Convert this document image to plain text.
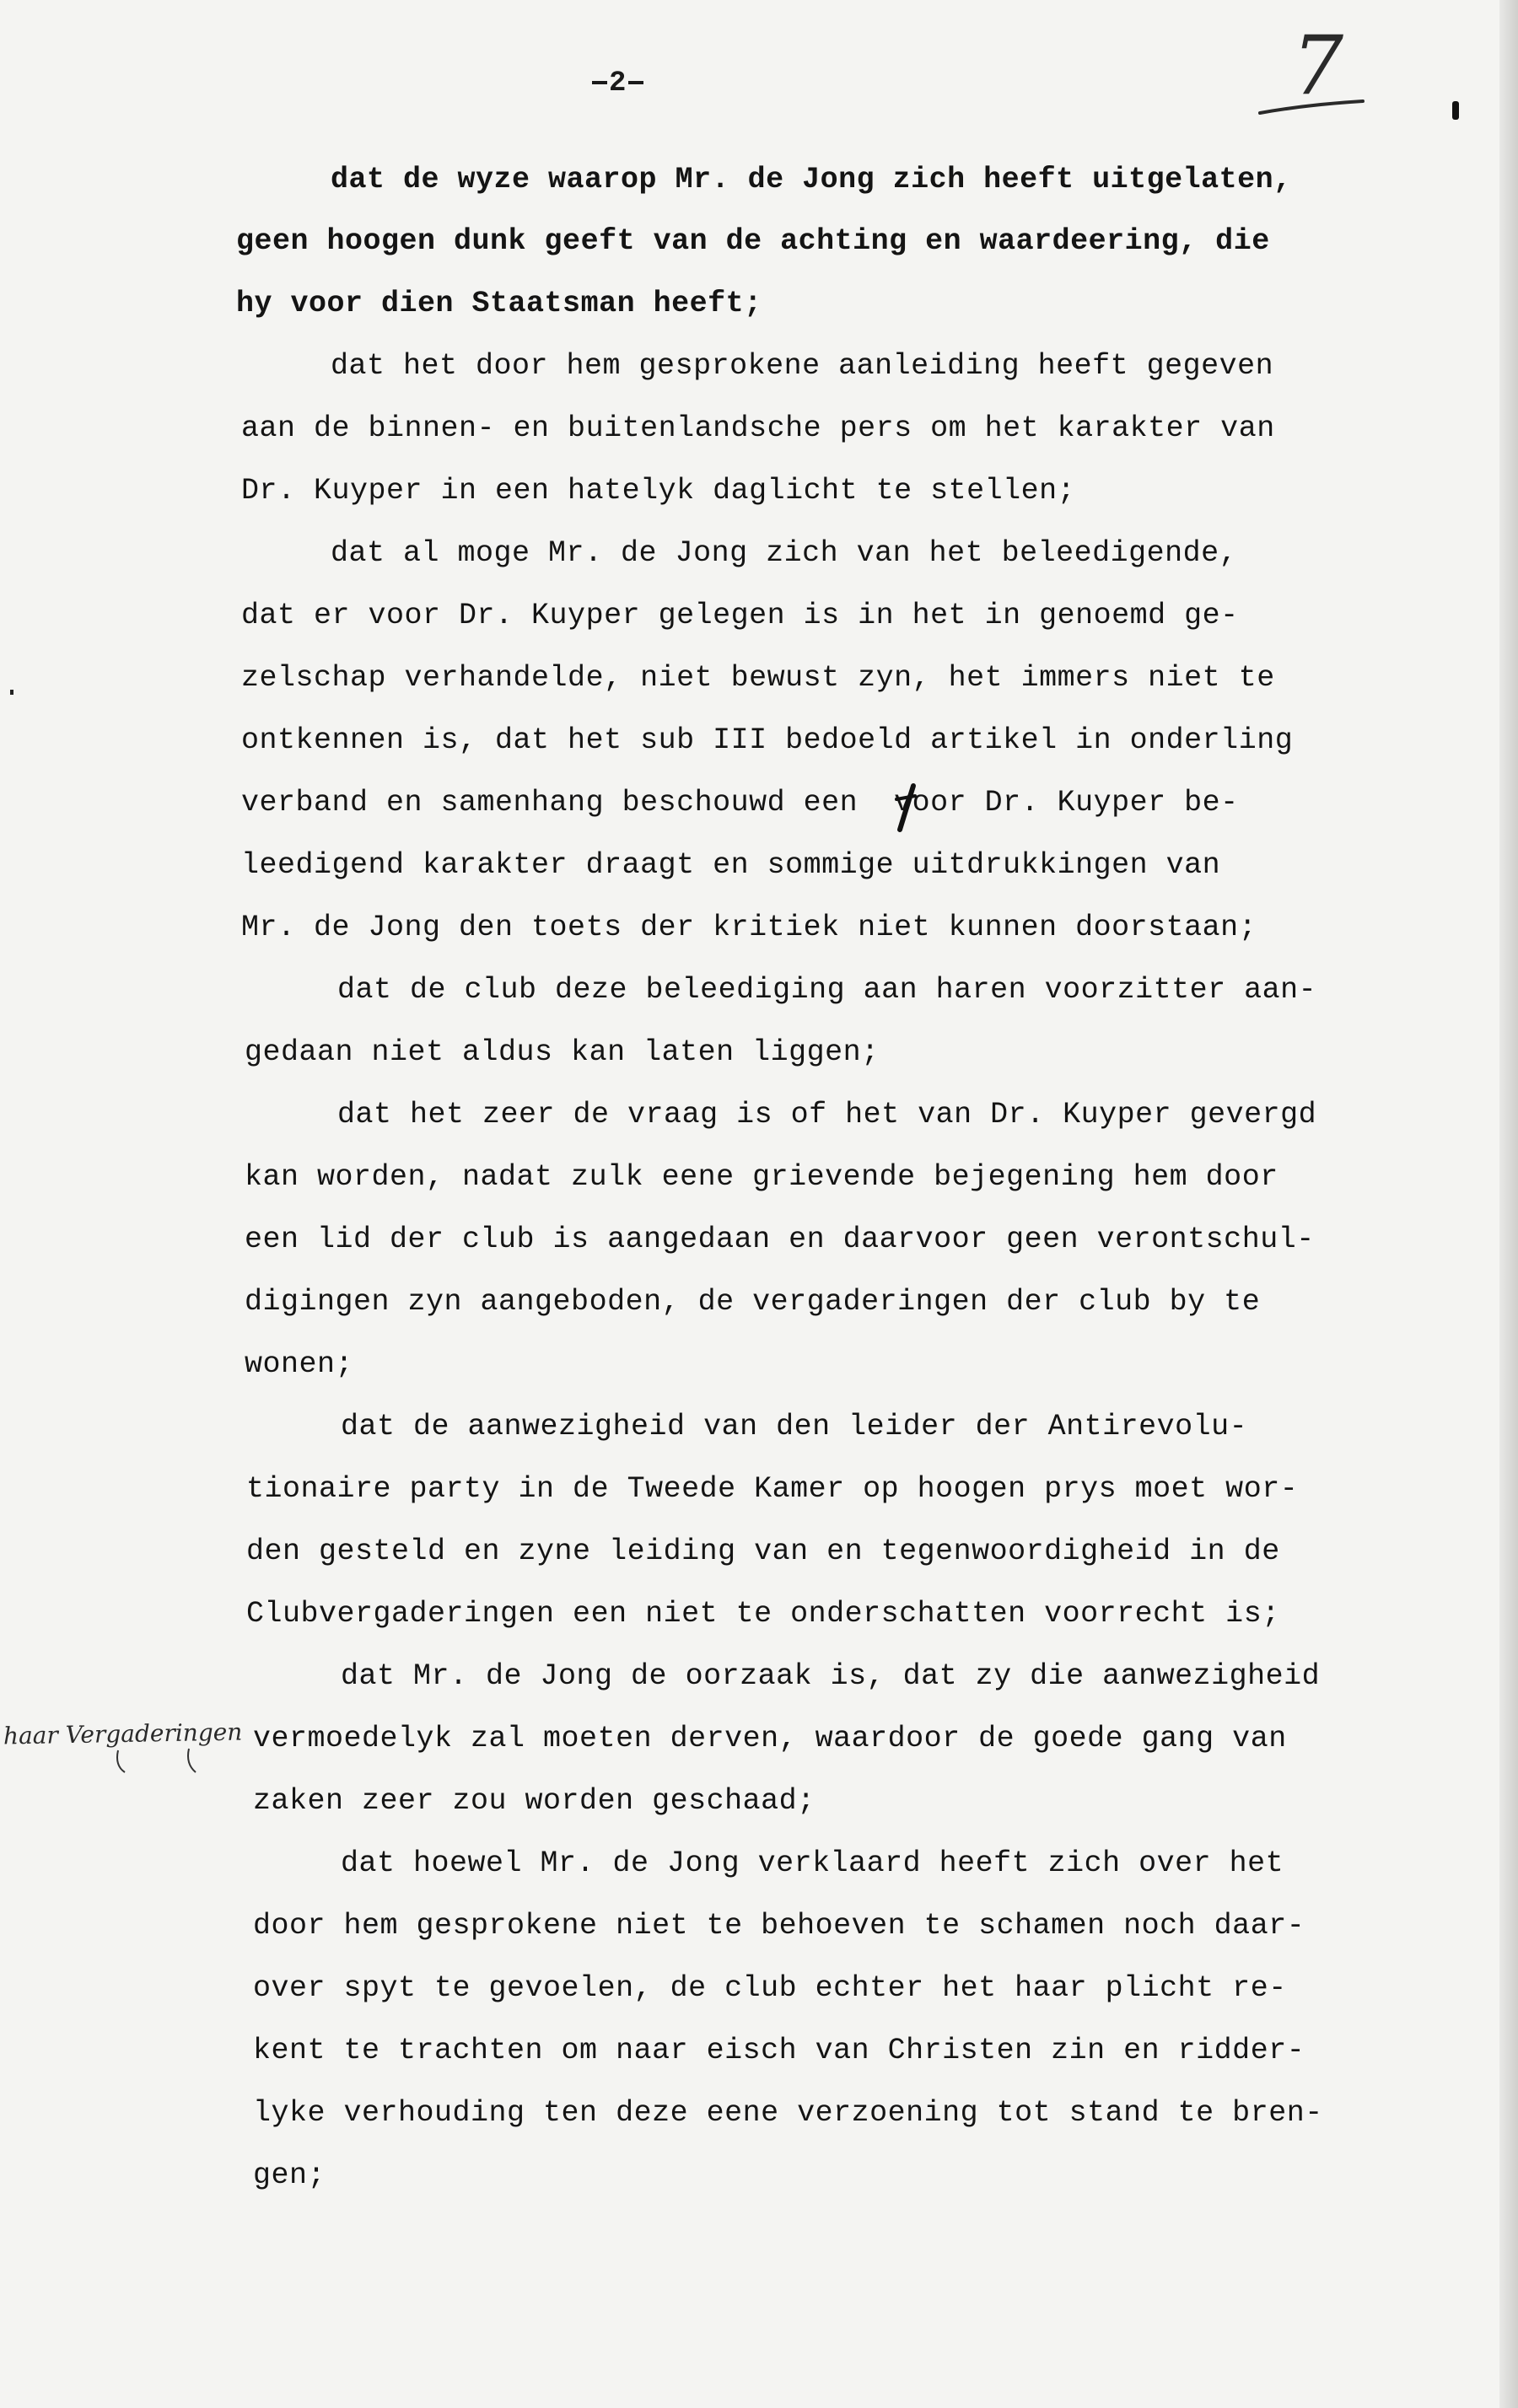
2	7
dat de wyze waarop Mr. de Jong zich heeft uitgelaten,
geen hoogen dunk geeft van de achting en waardeering, die
hy voor dien Staatsman heeft;
dat het door hem gesprokene aanleiding heeft gegeven
aan de binnen- en buitenlandsche pers om het karakter van
Dr. Kuyper in een hatelyk daglicht te stellen;
dat al moge Mr. de Jong zich van het beleedigende,
dat er voor Dr. Kuyper gelegen is in het in genoemd ge-
zelschap verhandelde, niet bewust zyn, het immers niet te
ontkennen is, dat het sub III bedoeld artikel in onderling
verband en samenhang beschouwd een  voor Dr. Kuyper be-
leedigend karakter draagt en sommige uitdrukkingen van
Mr. de Jong den toets der kritiek niet kunnen doorstaan;
dat de club deze beleediging aan haren voorzitter aan-
gedaan niet aldus kan laten liggen;
dat het zeer de vraag is of het van Dr. Kuyper gevergd
kan worden, nadat zulk eene grievende bejegening hem door
een lid der club is aangedaan en daarvoor geen verontschul-
digingen zyn aangeboden, de vergaderingen der club by te
wonen;
dat de aanwezigheid van den leider der Antirevolu-
tionaire party in de Tweede Kamer op hoogen prys moet wor-
den gesteld en zyne leiding van en tegenwoordigheid in de
Clubvergaderingen een niet te onderschatten voorrecht is;
dat Mr. de Jong de oorzaak is, dat zy die aanwezigheid
vermoedelyk zal moeten derven, waardoor de goede gang van
zaken zeer zou worden geschaad;
dat hoewel Mr. de Jong verklaard heeft zich over het
door hem gesprokene niet te behoeven te schamen noch daar-
over spyt te gevoelen, de club echter het haar plicht re-
kent te trachten om naar eisch van Christen zin en ridder-
lyke verhouding ten deze eene verzoening tot stand te bren-
gen;
haar Vergaderingen
